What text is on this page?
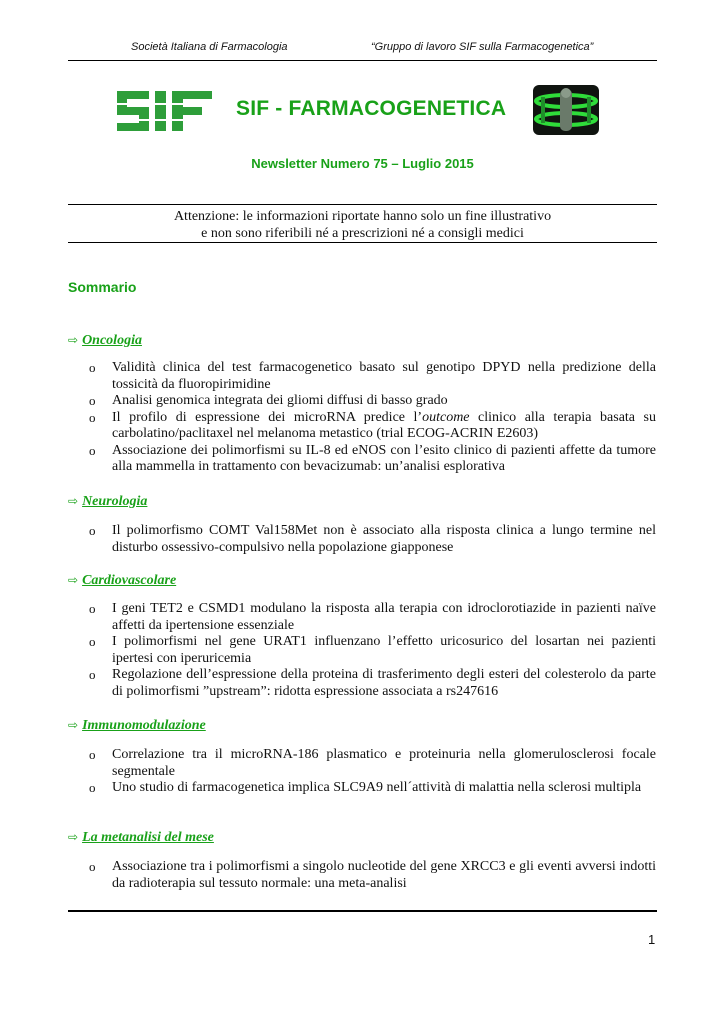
Società Italiana di Farmacologia	“Gruppo di lavoro SIF sulla Farmacogenetica”
SIF - FARMACOGENETICA
Newsletter Numero 75 – Luglio 2015
Attenzione: le informazioni riportate hanno solo un fine illustrativo
e non sono riferibili né a prescrizioni né a consigli medici
Sommario
⇨ Oncologia
o Validità clinica del test farmacogenetico basato sul genotipo DPYD nella predizione della tossicità da fluoropirimidine
o Analisi genomica integrata dei gliomi diffusi di basso grado
o Il profilo di espressione dei microRNA predice l’outcome clinico alla terapia basata su carbolatino/paclitaxel nel melanoma metastico (trial ECOG-ACRIN E2603)
o Associazione dei polimorfismi su IL-8 ed eNOS con l’esito clinico di pazienti affette da tumore alla mammella in trattamento con bevacizumab: un’analisi esplorativa
⇨ Neurologia
o Il polimorfismo COMT Val158Met non è associato alla risposta clinica a lungo termine nel disturbo ossessivo-compulsivo nella popolazione giapponese
⇨ Cardiovascolare
o I geni TET2 e CSMD1 modulano la risposta alla terapia con idroclorotiazide in pazienti naïve affetti da ipertensione essenziale
o I polimorfismi nel gene URAT1 influenzano l’effetto uricosurico del losartan nei pazienti ipertesi con iperuricemia
o Regolazione dell’espressione della proteina di trasferimento degli esteri del colesterolo da parte di polimorfismi ”upstream”: ridotta espressione associata a rs247616
⇨ Immunomodulazione
o Correlazione tra il microRNA-186 plasmatico e proteinuria nella glomerulosclerosi focale segmentale
o Uno studio di farmacogenetica implica SLC9A9 nell´attività di malattia nella sclerosi multipla
⇨ La metanalisi del mese
o Associazione tra i polimorfismi a singolo nucleotide del gene XRCC3 e gli eventi avversi indotti da radioterapia sul tessuto normale: una meta-analisi
1
